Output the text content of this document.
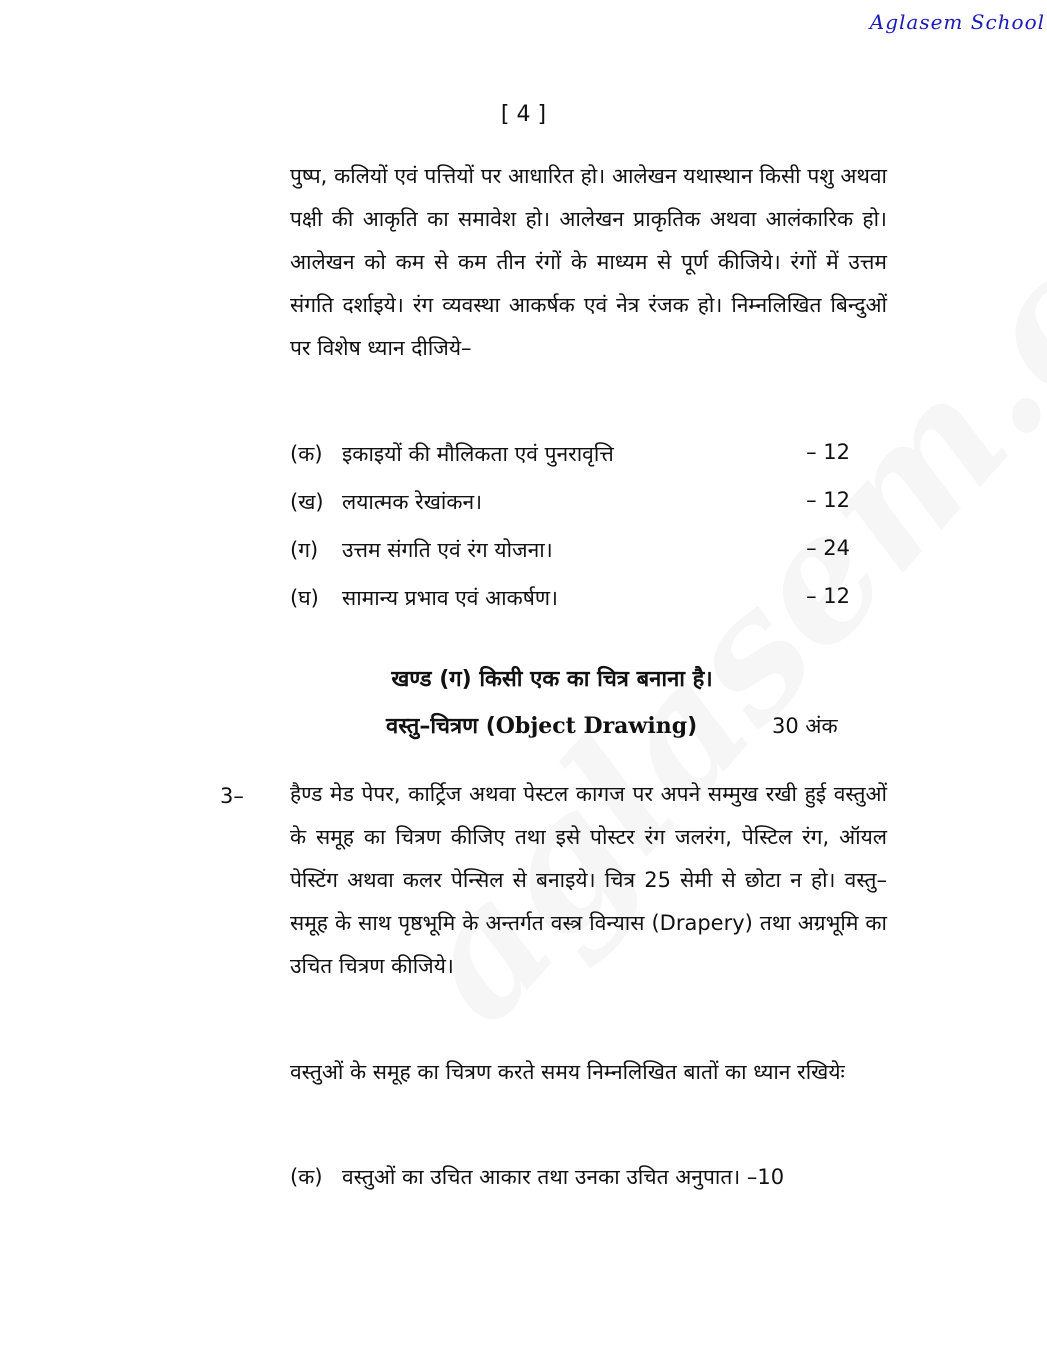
Aglasem School
[ 4 ]
पुष्प, कलियों एवं पत्तियों पर आधारित हो। आलेखन यथास्थान किसी पशु अथवा पक्षी की आकृति का समावेश हो। आलेखन प्राकृतिक अथवा आलंकारिक हो। आलेखन को कम से कम तीन रंगों के माध्यम से पूर्ण कीजिये। रंगों में उत्तम संगति दर्शाइये। रंग व्यवस्था आकर्षक एवं नेत्र रंजक हो। निम्नलिखित बिन्दुओं पर विशेष ध्यान दीजिये–
(क) इकाइयों की मौलिकता एवं पुनरावृत्ति	– 12
(ख) लयात्मक रेखांकन।	– 12
(ग) उत्तम संगति एवं रंग योजना।	– 24
(घ) सामान्य प्रभाव एवं आकर्षण।	– 12
खण्ड (ग) किसी एक का चित्र बनाना है।
वस्तु–चित्रण (Object Drawing)	30 अंक
3– हैण्ड मेड पेपर, कार्ट्रिज अथवा पेस्टल कागज पर अपने सम्मुख रखी हुई वस्तुओं के समूह का चित्रण कीजिए तथा इसे पोस्टर रंग जलरंग, पेस्टिल रंग, ऑयल पेस्टिंग अथवा कलर पेन्सिल से बनाइये। चित्र 25 सेमी से छोटा न हो। वस्तु–समूह के साथ पृष्ठभूमि के अन्तर्गत वस्त्र विन्यास (Drapery) तथा अग्रभूमि का उचित चित्रण कीजिये।
वस्तुओं के समूह का चित्रण करते समय निम्नलिखित बातों का ध्यान रखियेः
(क) वस्तुओं का उचित आकार तथा उनका उचित अनुपात। –10
